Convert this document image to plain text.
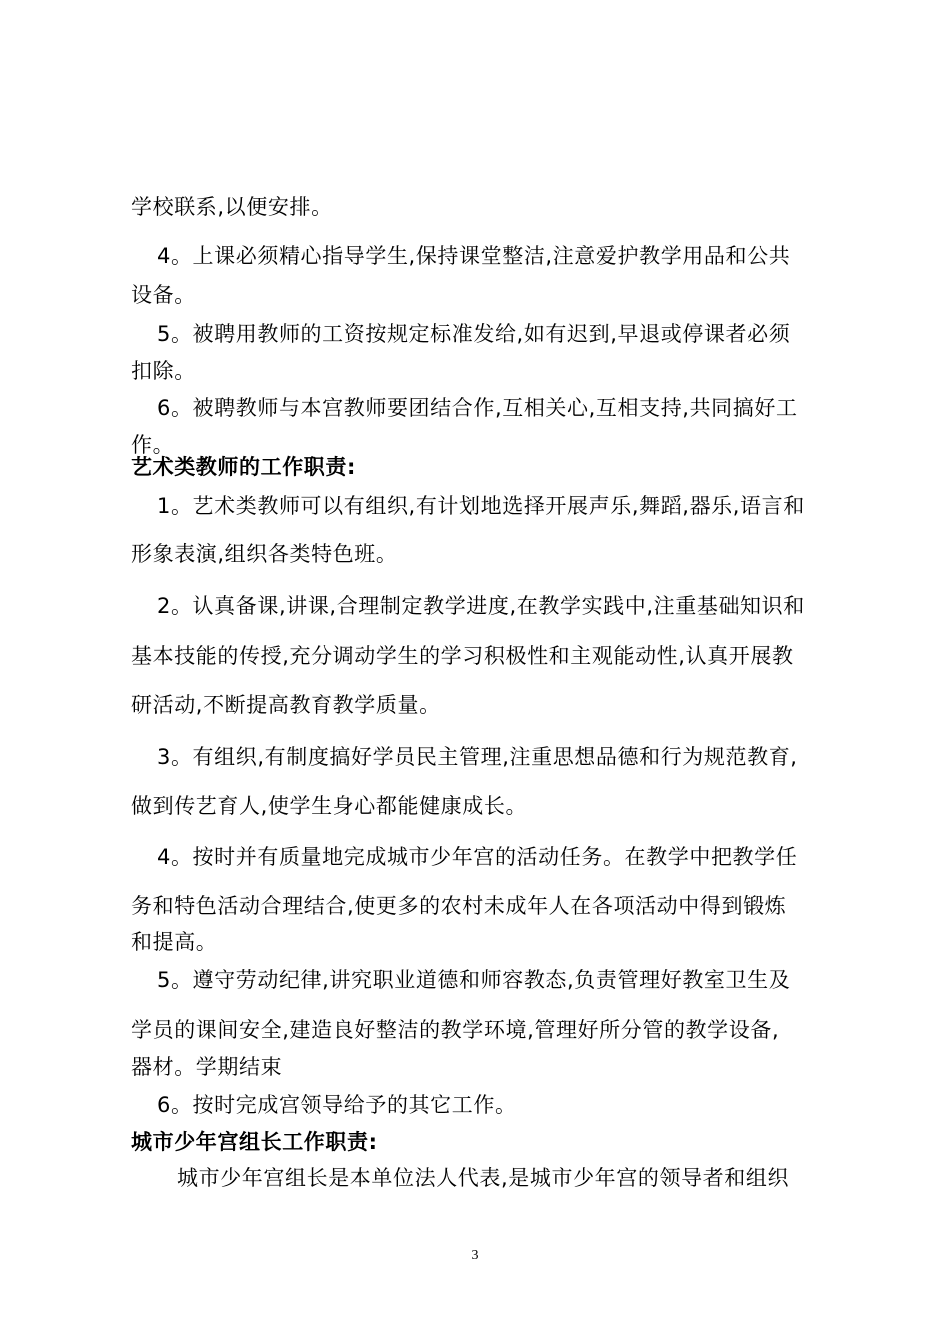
学校联系,以便安排。
4。上课必须精心指导学生,保持课堂整洁,注意爱护教学用品和公共
设备。
5。被聘用教师的工资按规定标准发给,如有迟到,早退或停课者必须
扣除。
6。被聘教师与本宫教师要团结合作,互相关心,互相支持,共同搞好工
作。
艺术类教师的工作职责:
1。艺术类教师可以有组织,有计划地选择开展声乐,舞蹈,器乐,语言和
形象表演,组织各类特色班。
2。认真备课,讲课,合理制定教学进度,在教学实践中,注重基础知识和
基本技能的传授,充分调动学生的学习积极性和主观能动性,认真开展教
研活动,不断提高教育教学质量。
3。有组织,有制度搞好学员民主管理,注重思想品德和行为规范教育,
做到传艺育人,使学生身心都能健康成长。
4。按时并有质量地完成城市少年宫的活动任务。在教学中把教学任
务和特色活动合理结合,使更多的农村未成年人在各项活动中得到锻炼
和提高。
5。遵守劳动纪律,讲究职业道德和师容教态,负责管理好教室卫生及
学员的课间安全,建造良好整洁的教学环境,管理好所分管的教学设备,
器材。学期结束
6。按时完成宫领导给予的其它工作。
城市少年宫组长工作职责:
城市少年宫组长是本单位法人代表,是城市少年宫的领导者和组织
3
